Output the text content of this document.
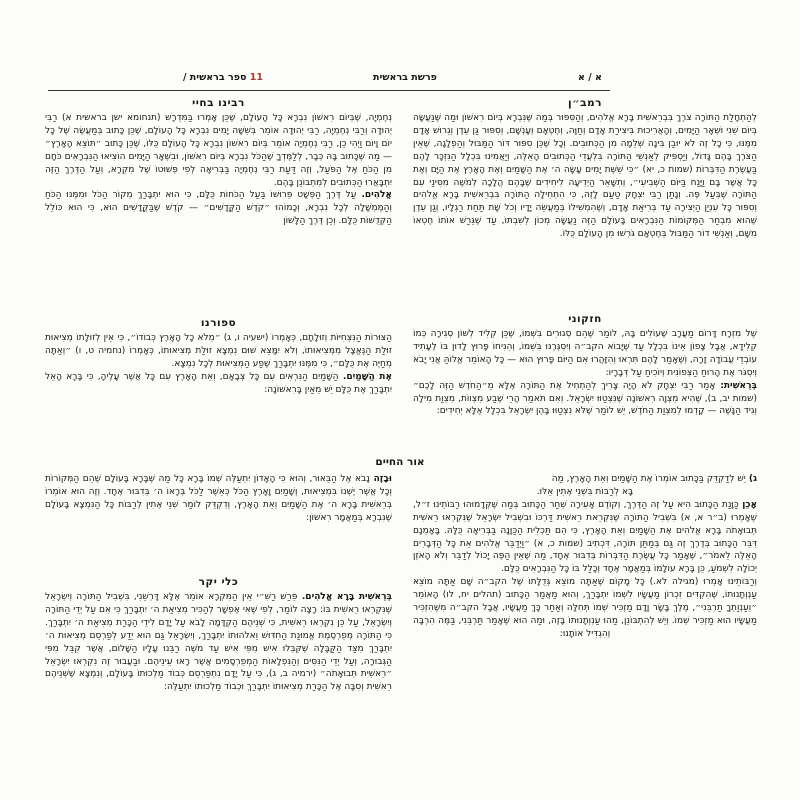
11 ספר בראשית /	פרשת בראשית	א / א
רמב״ן

לְהַתְחָלַת הַתּוֹרָה צֹרֶךְ בִּבְרֵאשִׁית בָּרָא אֱלֹהִים, וְהַסִּפּוּר בְּמַה שֶּׁנִּבְרָא בְּיוֹם רִאשׁוֹן וּמַה שֶּׁנַּעֲשָׂה בְּיוֹם שֵׁנִי וּשְׁאָר הַיָּמִים, וְהָאֲרִיכוּת בִּיצִירַת אָדָם וְחַוָּה, וְחֶטְאָם וְעָנְשָׁם, וְסִפּוּר גַּן עֵדֶן וְגֵרוּשׁ אָדָם מִמֶּנּוּ, כִּי כָל זֶה לֹא יוּבַן בִּינָה שְׁלֵמָה מִן הַכְּתוּבִים. וְכָל שֶׁכֵּן סִפּוּר דּוֹר הַמַּבּוּל וְהַפְלָגָה, שֶׁאֵין הַצֹּרֶךְ בָּהֶם גָּדוֹל, וְיַסְפִּיק לְאַנְשֵׁי הַתּוֹרָה בִּלְעֲדֵי הַכְּתוּבִים הָאֵלֶּה, וְיַאֲמִינוּ בִּכְלָל הַנִּזְכָּר לָהֶם בַּעֲשֶׂרֶת הַדִּבְּרוֹת (שמות כ, יא) ״כִּי שֵׁשֶׁת יָמִים עָשָׂה ה׳ אֶת הַשָּׁמַיִם וְאֶת הָאָרֶץ אֶת הַיָּם וְאֶת כָּל אֲשֶׁר בָּם וַיָּנַח בַּיּוֹם הַשְּׁבִיעִי״, וְתִשָּׁאֵר הַיְדִיעָה לִיחִידִים שֶׁבָּהֶם הֲלָכָה לְמֹשֶׁה מִסִּינַי עִם הַתּוֹרָה שֶׁבְּעַל פֶּה. וְנָתַן רַבִּי יִצְחָק טַעַם לָזֶה, כִּי הִתְחִילָה הַתּוֹרָה בִּבְרֵאשִׁית בָּרָא אֱלֹהִים וְסִפּוּר כָּל עִנְיַן הַיְצִירָה עַד בְּרִיאַת אָדָם, וְשֶׁהִמְשִׁילוֹ בְּמַעֲשֵׂה יָדָיו וְכֹל שָׁת תַּחַת רַגְלָיו, וְגַן עֵדֶן שֶׁהוּא מִבְחַר הַמְּקוֹמוֹת הַנִּבְרָאִים בָּעוֹלָם הַזֶּה נַעֲשָׂה מְכוֹן לְשִׁבְתּוֹ, עַד שֶׁגֵּרַשׁ אוֹתוֹ חֶטְאוֹ מִשָּׁם, וְאַנְשֵׁי דוֹר הַמַּבּוּל בְּחֶטְאָם גֹּרְשׁוּ מִן הָעוֹלָם כֻּלּוֹ.

חזקוני

שֶׁל מִזְרָח דָּרוֹם מַעֲרָב שֶׁעוֹלִים בָּהּ, לוֹמַר שֶׁהֵם סְגוּרִים בִּשְׁמוֹ, שֶׁכֵּן קְלִיד לְשׁוֹן סְגִירָה כְּמוֹ קְלִידָא, אֲבָל צָפוֹן אֵינוֹ בִּכְלָל עַד שֶׁיָּבוֹא הקב״ה וְיִסְגְּרֶנּוּ בִּשְׁמוֹ, וְהִנִּיחוֹ פָּרוּץ לָדוּן בּוֹ לֶעָתִיד עוֹבְדֵי עֲבוֹדָה זָרָה, וְשֶׁאָמַר לָהֶם תִּרְאוּ וְהִזָּהֲרוּ אִם הַיּוֹם פָּרוּץ הוּא — כָּל הָאוֹמֵר אֱלוֹהַּ אֲנִי יָבֹא וְיִסְגֹּר אֶת הָרוּחַ הַצְּפוֹנִית וְיוֹכִיחַ עַל דְּבָרָיו:

בְּרֵאשִׁית: אָמַר רַבִּי יִצְחָק לֹא הָיָה צָרִיךְ לְהַתְחִיל אֶת הַתּוֹרָה אֶלָּא מֵ״הַחֹדֶשׁ הַזֶּה לָכֶם״ (שמות יב, ב), שֶׁהִיא מִצְוָה רִאשׁוֹנָה שֶׁנִּצְטַוּוּ יִשְׂרָאֵל. וְאִם תֹּאמַר הֲרֵי שֶׁבַע מִצְווֹת, מִצְוַת מִילָה וְגִיד הַנָּשֶׁה — קָדְמוּ לְמִצְוַת הַחֹדֶשׁ, יֵשׁ לוֹמַר שֶׁלֹּא נִצְטַוּוּ בָּהֶן יִשְׂרָאֵל בִּכְלָל אֶלָּא יְחִידִים:

רבינו בחיי

נְחֶמְיָה, שֶׁבְּיוֹם רִאשׁוֹן נִבְרָא כָּל הָעוֹלָם, שֶׁכֵּן אָמְרוּ בַּמִּדְרָשׁ (תנחומא ישן בראשית א) רַבִּי יְהוּדָה וְרַבִּי נְחֶמְיָה, רַבִּי יְהוּדָה אוֹמֵר בְּשִׁשָּׁה יָמִים נִבְרָא כָּל הָעוֹלָם, שֶׁכֵּן כָּתוּב בְּמַעֲשֶׂה שֶׁל כָּל יוֹם וָיוֹם וַיְהִי כֵן, רַבִּי נְחֶמְיָה אוֹמֵר בְּיוֹם רִאשׁוֹן נִבְרָא כָּל הָעוֹלָם כֻּלּוֹ, שֶׁכֵּן כָּתוּב ״תּוֹצֵא הָאָרֶץ״ — מַה שֶּׁכָּתוּב בָּהּ כְּבָר, לְלַמֶּדְךָ שֶׁהַכֹּל נִבְרָא בְּיוֹם רִאשׁוֹן, וּבִשְׁאָר הַיָּמִים הוֹצִיאוּ הַנִּבְרָאִים כֹּחָם מִן הַכֹּחַ אֶל הַפֹּעַל, וְזֶה דַּעַת רַבִּי נְחֶמְיָה בַּבְּרִיאָה לְפִי פְּשׁוּטוֹ שֶׁל מִקְרָא, וְעַל הַדֶּרֶךְ הַזֶּה יִתְבָּאֲרוּ הַכְּתוּבִים לְמִתְבּוֹנֵן בָּהֶם.

אֱלֹהִים. עַל דֶּרֶךְ הַפְּשָׁט פֵּרוּשׁוֹ בַּעַל הַכֹּחוֹת כֻּלָּם, כִּי הוּא יִתְבָּרַךְ מְקוֹר הַכֹּל וּמִמֶּנּוּ הַכֹּחַ וְהַמֶּמְשָׁלָה לְכָל נִבְרָא, וְכָמוֹהוּ ״קֹדֶשׁ הַקֳּדָשִׁים״ — קֹדֶשׁ שֶׁבַּקֳּדָשִׁים הוּא, כִּי הוּא כּוֹלֵל הַקְּדֻשּׁוֹת כֻּלָּם. וְכֵן דֶּרֶךְ הַלָּשׁוֹן

ספורנו

הַצּוּרוֹת הַנִּצְחִיּוֹת וְזוּלָתָם, כְּאָמְרוֹ (ישעיה ו, ג) ״מְלֹא כָל הָאָרֶץ כְּבוֹדוֹ״, כִּי אֵין לְזוּלָתוֹ מְצִיאוּת זוּלַת הַנֶּאֱצָל מִמְּצִיאוּתוֹ, וְלֹא יִמָּצֵא שׁוּם נִמְצָא זוּלַת מְצִיאוּתוֹ, כְּאָמְרוֹ (נחמיה ט, ו) ״וְאַתָּה מְחַיֶּה אֶת כֻּלָּם״, כִּי מִמֶּנּוּ יִתְבָּרַךְ שֶׁפַע הַמְּצִיאוּת לְכָל נִמְצָא.

אֶת הַשָּׁמַיִם. הַשָּׁמַיִם הַנִּרְאִים עִם כָּל צְבָאָם, וְאֵת הָאָרֶץ עִם כָּל אֲשֶׁר עָלֶיהָ, כִּי בָּרָא הָאֵל יִתְבָּרַךְ אֶת כֻּלָּם יֵשׁ מֵאַיִן בָּרִאשׁוֹנָה:

אור החיים

ג) יֵשׁ לְדַקְדֵּק בַּכָּתוּב אוֹמְרוֹ אֶת הַשָּׁמַיִם וְאֵת הָאָרֶץ, מַה

בָּא לְרַבּוֹת בִּשְׁנֵי אֶתִין אֵלּוּ.

אָכֵן כַּוָּנַת הַכָּתוּב הִיא עַל זֶה הַדֶּרֶךְ, וְקוֹדֶם אָעִירָה שְׁחַר הַכָּתוּב בְּמַה שֶּׁקְּדָמוּהוּ רַבּוֹתֵינוּ ז״ל, שֶׁאָמְרוּ (ב״ר א, א) בִּשְׁבִיל הַתּוֹרָה שֶׁנִּקְרֵאת רֵאשִׁית דַּרְכּוֹ וּבִשְׁבִיל יִשְׂרָאֵל שֶׁנִּקְרְאוּ רֵאשִׁית תְּבוּאָתֹה בָּרָא אֱלֹהִים אֶת הַשָּׁמַיִם וְאֵת הָאָרֶץ, כִּי הֵם תַּכְלִית הַכַּוָּנָה בַּבְּרִיאָה כֻּלָּהּ. בָּאָמְנָם דִּבֵּר הַכָּתוּב בְּדֶרֶךְ זֶה גַּם בְּמַתַּן תּוֹרָה, דִּכְתִיב (שמות כ, א) ״וַיְדַבֵּר אֱלֹהִים אֵת כָּל הַדְּבָרִים הָאֵלֶּה לֵאמֹר״, שֶׁאָמַר כָּל עֲשֶׂרֶת הַדִּבְּרוֹת בְּדִבּוּר אֶחָד, מַה שֶּׁאֵין הַפֶּה יָכוֹל לְדַבֵּר וְלֹא הָאֹזֶן יְכוֹלָה לִשְׁמֹעַ, כֵּן בָּרָא עוֹלָמוֹ בְּמַאֲמָר אֶחָד וְכָלַל בּוֹ כָּל הַנִּבְרָאִים כֻּלָּם.

וְרַבּוֹתֵינוּ אָמְרוּ (מגילה לא.) כָּל מָקוֹם שֶׁאַתָּה מוֹצֵא גְּדֻלָּתוֹ שֶׁל הקב״ה שָׁם אַתָּה מוֹצֵא עַנְוְתָנוּתוֹ, שֶׁהִקְדִּים זִכְרוֹן מַעֲשָׂיו לִשְׁמוֹ יִתְבָּרַךְ, וְהוּא מַאֲמַר הַכָּתוּב (תהלים יח, לו) הָאוֹמֵר ״וְעַנְוַתְךָ תַרְבֵּנִי״, מֶלֶךְ בָּשָׂר וָדָם מַזְכִּיר שְׁמוֹ תְּחִלָּה וְאַחַר כָּךְ מַעֲשָׂיו, אֲבָל הקב״ה מִשֶּׁהִזְכִּיר מַעֲשָׂיו הוּא מַזְכִּיר שְׁמוֹ. וְיֵשׁ לְהִתְבּוֹנֵן, מַהוּ עַנְוְתָנוּתוֹ בָּזֶה, וּמַה הוּא שֶׁאָמַר תַּרְבֵּנִי, בַּמֶּה הִרְבָּה וְהִגְדִּיל אוֹתָנוּ:

וּבָזֶה נָבֹא אֶל הַבֵּאוּר, וְהוּא כִּי הָאָדוֹן יִתְעַלֶּה שְׁמוֹ בָּרָא כָּל מַה שֶּׁבָּרָא בָּעוֹלָם שֶׁהֵם הַמְּקוֹרוֹת וְכָל אֲשֶׁר יֶשְׁנוֹ בִּמְצִיאוּת, וְשָׁמַיִם וָאָרֶץ הַכֹּל כְּאֵשֶׁר לַכֹּל בְּרָאוֹ ה׳ בְּדִבּוּר אֶחָד. וְזֶה הוּא אוֹמְרוֹ בְּרֵאשִׁית בָּרָא ה׳ אֶת הַשָּׁמַיִם וְאֵת הָאָרֶץ, וְדִקְדֵּק לוֹמַר שְׁנֵי אֶתִין לְרַבּוֹת כָּל הַנִּמְצָא בָּעוֹלָם שֶׁנִּבְרָא בְּמַאֲמָר רִאשׁוֹן:

כלי יקר

בְּרֵאשִׁית בָּרָא אֱלֹהִים. פֵּרַשׁ רַשִׁ״י אֵין הַמִּקְרָא אוֹמֵר אֶלָּא דָּרְשֵׁנִי, בִּשְׁבִיל הַתּוֹרָה וְיִשְׂרָאֵל שֶׁנִּקְרְאוּ רֵאשִׁית בּוֹ: רָצָה לוֹמַר, לְפִי שֶׁאִי אֶפְשָׁר לְהַכִּיר מְצִיאַת ה׳ יִתְבָּרַךְ כִּי אִם עַל יְדֵי הַתּוֹרָה וְיִשְׂרָאֵל, עַל כֵּן נִקְרְאוּ רֵאשִׁית, כִּי שְׁנֵיהֶם הַקְדָּמָה לָבֹא עַל יָדָם לִידֵי הַכָּרַת מְצִיאַת ה׳ יִתְבָּרַךְ. כִּי הַתּוֹרָה מְפֻרְסֶמֶת אֱמוּנַת הַחִדּוּשׁ וֵאלֹהוּתוֹ יִתְבָּרַךְ, וְיִשְׂרָאֵל גַּם הוּא יֵדַע לְפַרְסֵם מְצִיאוּת ה׳ יִתְבָּרַךְ מִצַּד הַקַּבָּלָה שֶׁקִּבְּלוּ אִישׁ מִפִּי אִישׁ עַד מֹשֶׁה רַבֵּנוּ עָלָיו הַשָּׁלוֹם, אֲשֶׁר קִבֵּל מִפִּי הַגְּבוּרָה, וְעַל יְדֵי הַנִּסִּים וְהַנִּפְלָאוֹת הַמְפֻרְסָמִים אֲשֶׁר רָאוּ עֵינֵיהֶם. וּבַעֲבוּר זֶה נִקְרְאוּ יִשְׂרָאֵל ״רֵאשִׁית תְּבוּאָתֹה״ (ירמיה ב, ג), כִּי עַל יָדָם נִתְפַּרְסֵם כְּבוֹד מַלְכוּתוֹ בָּעוֹלָם, וְנִמְצָא שֶׁשְּׁנֵיהֶם רֵאשִׁית וְסִבָּה אֶל הַכָּרַת מְצִיאוּתוֹ יִתְבָּרַךְ וּכְבוֹד מַלְכוּתוֹ יִתְעַלֶּה:
